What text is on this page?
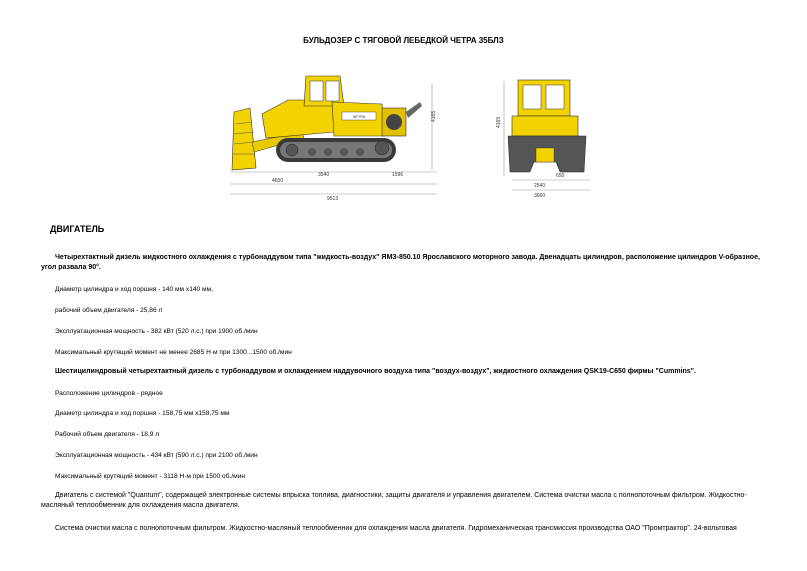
БУЛЬДОЗЕР С ТЯГОВОЙ ЛЕБЕДКОЙ ЧЕТРА 35БЛЗ
ЧЕТРА
4650
3540	1596
9513
4165
650
2540
3660
4165
ДВИГАТЕЛЬ
Четырехтактный дизель жидкостного охлаждения с турбонаддувом типа "жидкость-воздух" ЯМЗ-850.10 Ярославского моторного завода. Двенадцать цилиндров, расположение цилиндров V-образное, угол развала 90°.
Диаметр цилиндра и ход поршня - 140 мм х140 мм,
рабочий объем двигателя - 25,86 л
Эксплуатационная мощность - 382 кВт (520 л.с.) при 1900 об./мин
Максимальный крутящий момент не менее 2685 Н·м при 1300...1500 об./мин
Шестицилиндровый четырехтактный дизель с турбонаддувом и охлаждением наддувочного воздуха типа "воздух-воздух", жидкостного охлаждения QSK19-C650 фирмы "Cummins".
Расположение цилиндров - рядное
Диаметр цилиндра и ход поршня - 158,75 мм х158,75 мм
Рабочий объем двигателя - 18,9 л
Эксплуатационная мощность - 434 кВт (590 л.с.) при 2100 об./мин
Максимальный крутящий момент - 3118 Н·м при 1500 об./мин
Двигатель с системой "Quantum", содержащей электронные системы впрыска топлива, диагностики, защиты двигателя и управления двигателем. Система очистки масла с полнопоточным фильтром. Жидкостно-масляный теплообменник для охлаждения масла двигателя.
Система очистки масла с полнопоточным фильтром. Жидкостно-масляный теплообменник для охлаждения масла двигателя. Гидромеханическая трансмиссия производства ОАО "Промтрактор". 24-вольтовая
